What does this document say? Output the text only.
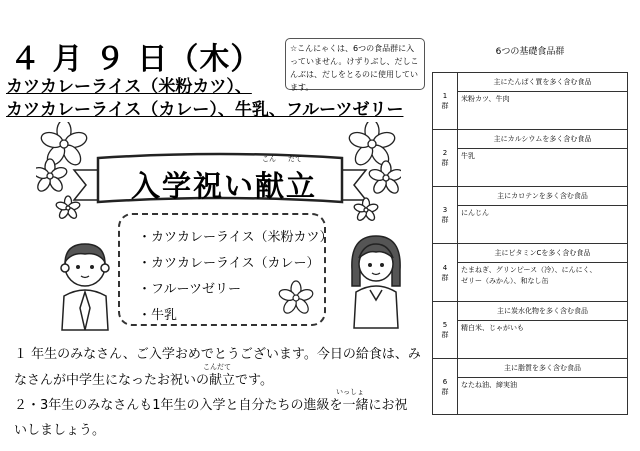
４ 月 ９ 日（木）	☆こんにゃくは、6つの食品群に入っていません。けずりぶし、だしこんぶは、だしをとるのに使用しています。
カツカレーライス（米粉カツ）、
カツカレーライス（カレー）、牛乳、フルーツゼリー
入学祝い献立
こん だて
・カツカレーライス（米粉カツ）
・カツカレーライス（カレー）
・フルーツゼリー
・牛乳
１ 年生のみなさん、ご入学おめでとうございます。今日の給食は、み
こんだて
なさんが中学生になったお祝いの献立です。
いっしょ
２・3年生のみなさんも1年生の入学と自分たちの進級を一緒にお祝
いしましょう。
6つの基礎食品群
1
群
主にたんぱく質を多く含む食品
米粉カツ、牛肉
2
群
主にカルシウムを多く含む食品
牛乳
3
群
主にカロテンを多く含む食品
にんじん
4
群
主にビタミンCを多く含む食品
たまねぎ、グリンピース（冷）、にんにく、
ゼリー（みかん）、和なし缶
5
群
主に炭水化物を多く含む食品
精白米、じゃがいも
6
群
主に脂質を多く含む食品
なたね油、締実油
